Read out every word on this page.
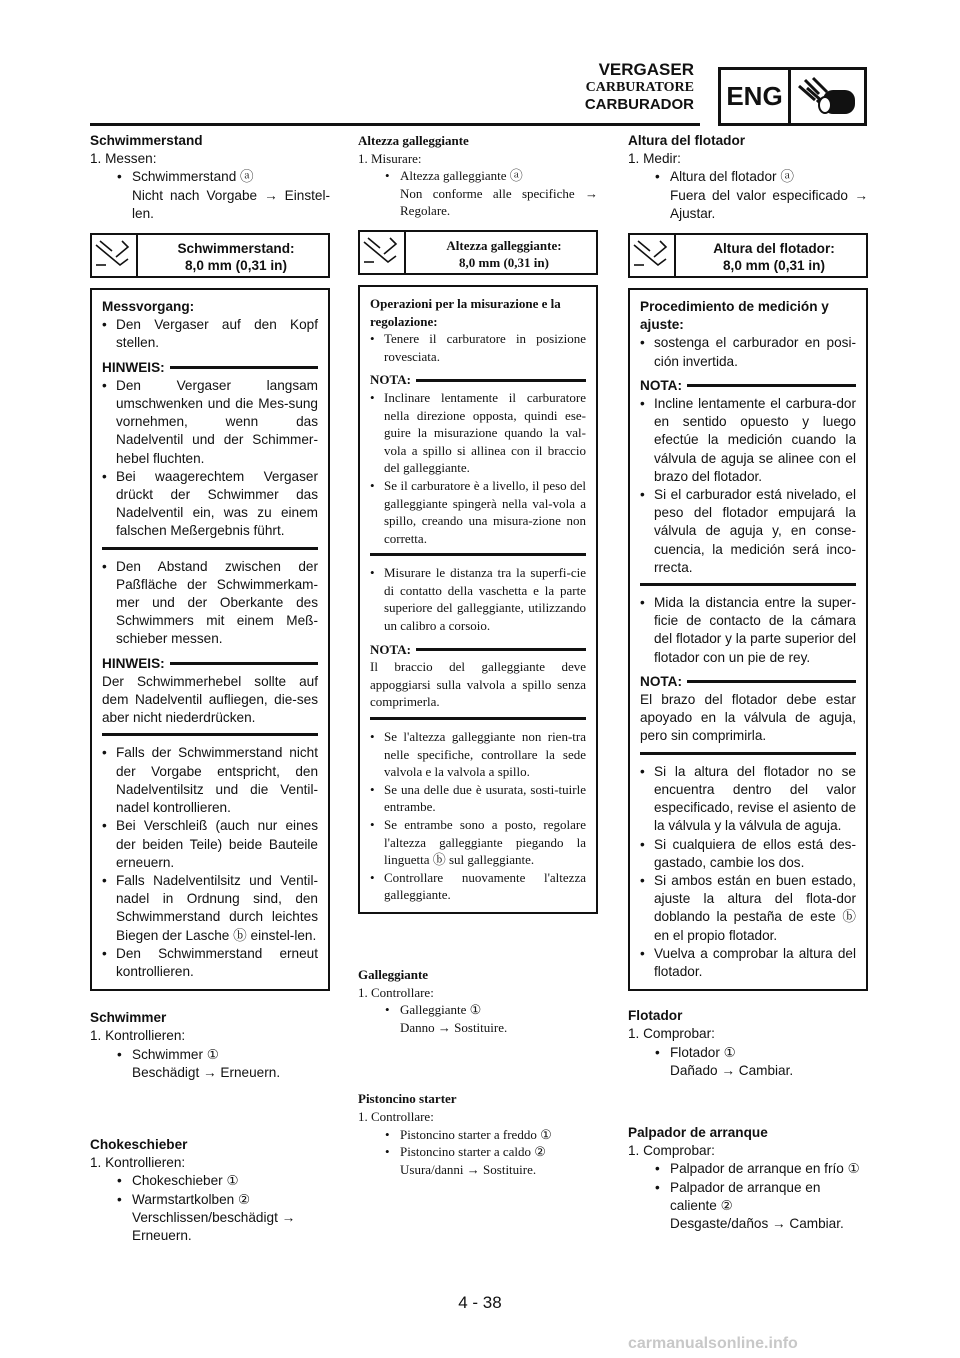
VERGASER
CARBURATORE
CARBURADOR ENG
Schwimmerstand
1. Messen:
• Schwimmerstand ⓐ
Nicht nach Vorgabe → Einstel-len.
Schwimmerstand:
8,0 mm (0,31 in)
Messvorgang:
• Den Vergaser auf den Kopf stellen.
HINWEIS:
• Den Vergaser langsam umschwenken und die Mes-sung vornehmen, wenn das Nadelventil und der Schimmer-hebel fluchten.
• Bei waagerechtem Vergaser drückt der Schwimmer das Nadelventil ein, was zu einem falschen Meßergebnis führt.
• Den Abstand zwischen der Paßfläche der Schwimmerkam-mer und der Oberkante des Schwimmers mit einem Meß-schieber messen.
HINWEIS:
Der Schwimmerhebel sollte auf dem Nadelventil aufliegen, die-ses aber nicht niederdrücken.
• Falls der Schwimmerstand nicht der Vorgabe entspricht, den Nadelventilsitz und die Ventil-nadel kontrollieren.
• Bei Verschleiß (auch nur eines der beiden Teile) beide Bauteile erneuern.
• Falls Nadelventilsitz und Ventil-nadel in Ordnung sind, den Schwimmerstand durch leichtes Biegen der Lasche ⓑ einstel-len.
• Den Schwimmerstand erneut kontrollieren.
Schwimmer
1. Kontrollieren:
• Schwimmer ①
Beschädigt → Erneuern.
Chokeschieber
1. Kontrollieren:
• Chokeschieber ①
• Warmstartkolben ②
Verschlissen/beschädigt → Erneuern.
Altezza galleggiante
1. Misurare:
• Altezza galleggiante ⓐ
Non conforme alle specifiche → Regolare.
Altezza galleggiante:
8,0 mm (0,31 in)
Operazioni per la misurazione e la regolazione:
• Tenere il carburatore in posizione rovesciata.
NOTA:
• Inclinare lentamente il carburatore nella direzione opposta, quindi ese-guire la misurazione quando la val-vola a spillo si allinea con il braccio del galleggiante.
• Se il carburatore è a livello, il peso del galleggiante spingerà nella val-vola a spillo, creando una misura-zione non corretta.
• Misurare le distanza tra la superfi-cie di contatto della vaschetta e la parte superiore del galleggiante, utilizzando un calibro a corsoio.
NOTA:
Il braccio del galleggiante deve appoggiarsi sulla valvola a spillo senza comprimerla.
• Se l'altezza galleggiante non rien-tra nelle specifiche, controllare la sede valvola e la valvola a spillo.
• Se una delle due è usurata, sosti-tuirle entrambe.
• Se entrambe sono a posto, regolare l'altezza galleggiante piegando la linguetta ⓑ sul galleggiante.
• Controllare nuovamente l'altezza galleggiante.
Galleggiante
1. Controllare:
• Galleggiante ①
Danno → Sostituire.
Pistoncino starter
1. Controllare:
• Pistoncino starter a freddo ①
• Pistoncino starter a caldo ②
Usura/danni → Sostituire.
Altura del flotador
1. Medir:
• Altura del flotador ⓐ
Fuera del valor especificado → Ajustar.
Altura del flotador:
8,0 mm (0,31 in)
Procedimiento de medición y ajuste:
• sostenga el carburador en posi-ción invertida.
NOTA:
• Incline lentamente el carbura-dor en sentido opuesto y luego efectúe la medición cuando la válvula de aguja se alinee con el brazo del flotador.
• Si el carburador está nivelado, el peso del flotador empujará la válvula de aguja y, en conse-cuencia, la medición será inco-rrecta.
• Mida la distancia entre la super-ficie de contacto de la cámara del flotador y la parte superior del flotador con un pie de rey.
NOTA:
El brazo del flotador debe estar apoyado en la válvula de aguja, pero sin comprimirla.
• Si la altura del flotador no se encuentra dentro del valor especificado, revise el asiento de la válvula y la válvula de aguja.
• Si cualquiera de ellos está des-gastado, cambie los dos.
• Si ambos están en buen estado, ajuste la altura del flota-dor doblando la pestaña de este ⓑ en el propio flotador.
• Vuelva a comprobar la altura del flotador.
Flotador
1. Comprobar:
• Flotador ①
Dañado → Cambiar.
Palpador de arranque
1. Comprobar:
• Palpador de arranque en frío ①
• Palpador de arranque en caliente ②
Desgaste/daños → Cambiar.
4 - 38
carmanualsonline.info
